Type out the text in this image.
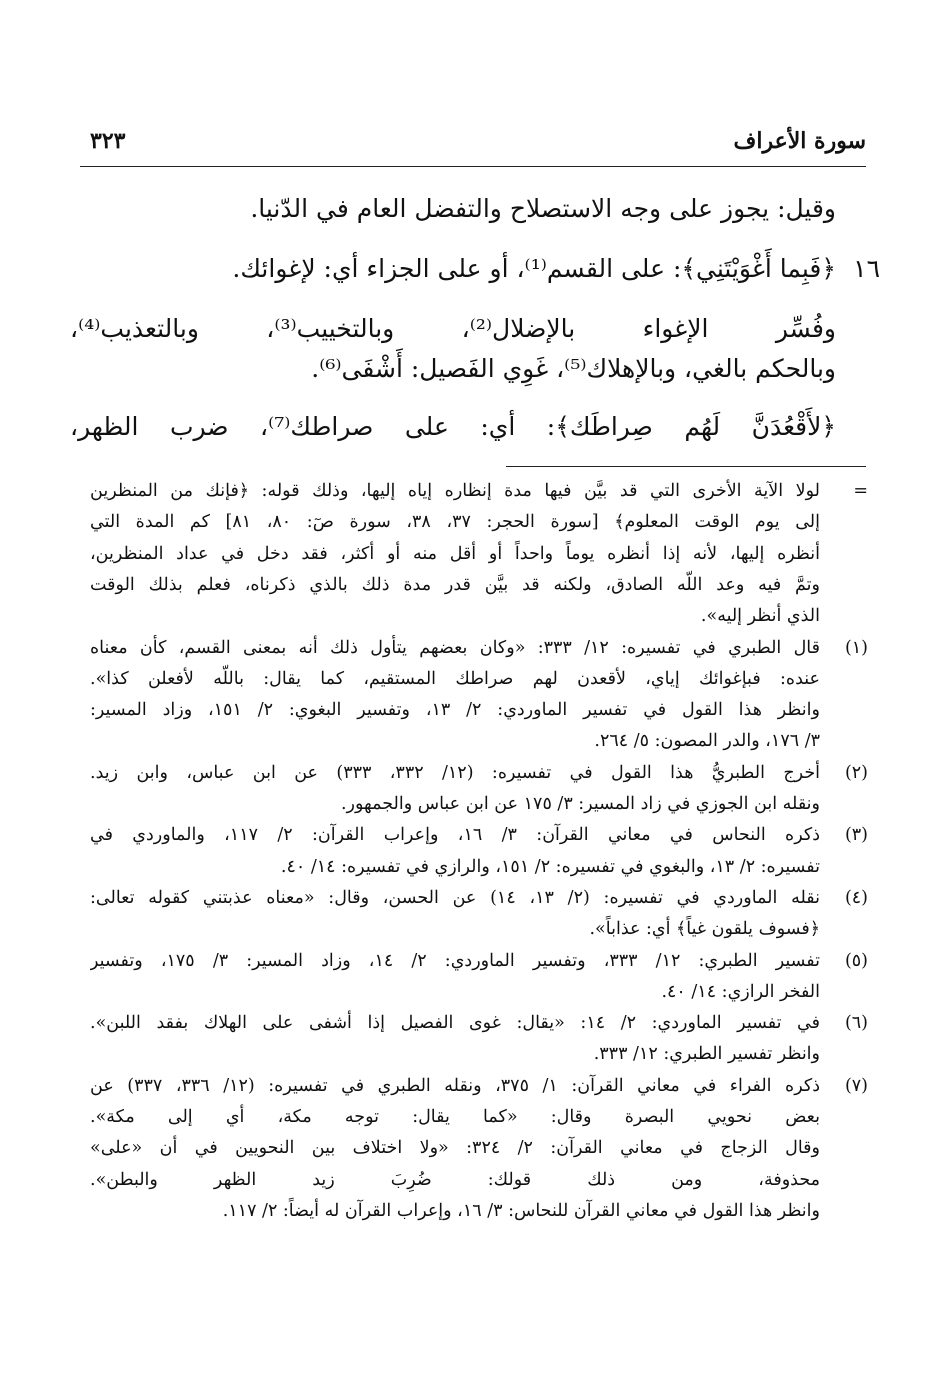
سورة الأعراف
٣٢٣
وقيل: يجوز على وجه الاستصلاح والتفضل العام في الدّنيا.
١٦
﴿فَبِما أَغْوَيْتَنِي﴾: على القسم⁽¹⁾، أو على الجزاء أي: لإغوائك.
وفُسِّر الإغواء بالإضلال⁽²⁾، وبالتخييب⁽³⁾، وبالتعذيب⁽⁴⁾،
وبالحكم بالغي، وبالإهلاك⁽⁵⁾، غَوِي الفَصيل: أَشْفَى⁽⁶⁾.
﴿لأَقْعُدَنَّ لَهُم صِراطَك﴾: أي: على صراطك⁽⁷⁾، ضرب الظهر،
=
لولا الآية الأخرى التي قد بيَّن فيها مدة إنظاره إياه إليها، وذلك قوله: ﴿فإنك من المنظرين
إلى يوم الوقت المعلوم﴾ [سورة الحجر: ٣٧، ٣٨، سورة صٓ: ٨٠، ٨١] كم المدة التي
أنظره إليها، لأنه إذا أنظره يوماً واحداً أو أقل منه أو أكثر، فقد دخل في عداد المنظرين،
وتمَّ فيه وعد اللّه الصادق، ولكنه قد بيَّن قدر مدة ذلك بالذي ذكرناه، فعلم بذلك الوقت
الذي أنظر إليه».
(١)
قال الطبري في تفسيره: ١٢/ ٣٣٣: «وكان بعضهم يتأول ذلك أنه بمعنى القسم، كأن معناه
عنده: فبإغوائك إياي، لأقعدن لهم صراطك المستقيم، كما يقال: باللّه لأفعلن كذا».
وانظر هذا القول في تفسير الماوردي: ٢/ ١٣، وتفسير البغوي: ٢/ ١٥١، وزاد المسير:
٣/ ١٧٦، والدر المصون: ٥/ ٢٦٤.
(٢)
أخرج الطبريُّ هذا القول في تفسيره: (١٢/ ٣٣٢، ٣٣٣) عن ابن عباس، وابن زيد.
ونقله ابن الجوزي في زاد المسير: ٣/ ١٧٥ عن ابن عباس والجمهور.
(٣)
ذكره النحاس في معاني القرآن: ٣/ ١٦، وإعراب القرآن: ٢/ ١١٧، والماوردي في
تفسيره: ٢/ ١٣، والبغوي في تفسيره: ٢/ ١٥١، والرازي في تفسيره: ١٤/ ٤٠.
(٤)
نقله الماوردي في تفسيره: (٢/ ١٣، ١٤) عن الحسن، وقال: «معناه عذبتني كقوله تعالى:
﴿فسوف يلقون غياً﴾ أي: عذاباً».
(٥)
تفسير الطبري: ١٢/ ٣٣٣، وتفسير الماوردي: ٢/ ١٤، وزاد المسير: ٣/ ١٧٥، وتفسير
الفخر الرازي: ١٤/ ٤٠.
(٦)
في تفسير الماوردي: ٢/ ١٤: «يقال: غوى الفصيل إذا أشفى على الهلاك بفقد اللبن».
وانظر تفسير الطبري: ١٢/ ٣٣٣.
(٧)
ذكره الفراء في معاني القرآن: ١/ ٣٧٥، ونقله الطبري في تفسيره: (١٢/ ٣٣٦، ٣٣٧) عن
بعض نحويي البصرة وقال: «كما يقال: توجه مكة، أي إلى مكة».
وقال الزجاج في معاني القرآن: ٢/ ٣٢٤: «ولا اختلاف بين النحويين في أن «على»
محذوفة، ومن ذلك قولك: ضُرِبَ زيد الظهر والبطن».
وانظر هذا القول في معاني القرآن للنحاس: ٣/ ١٦، وإعراب القرآن له أيضاً: ٢/ ١١٧.
